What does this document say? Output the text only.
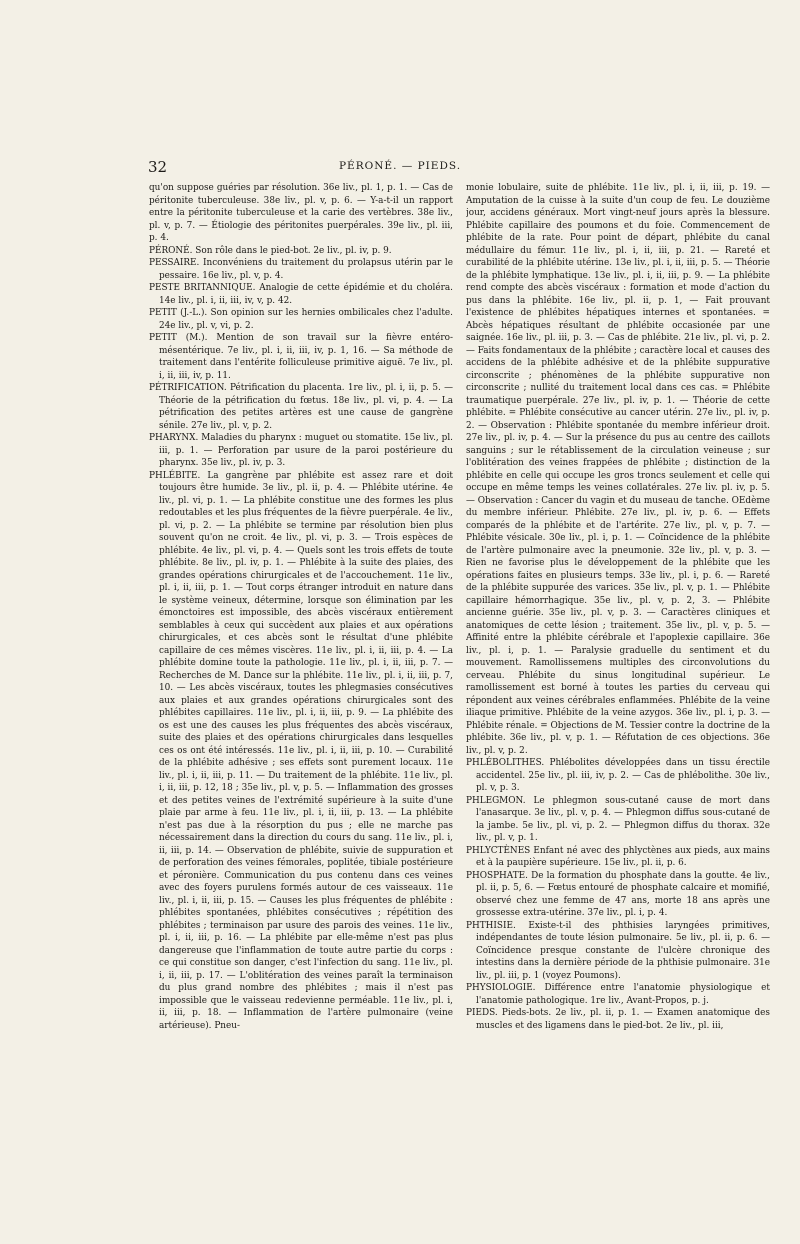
32	PÉRONÉ. — PIEDS.

qu'on suppose guéries par résolution. 36e liv., pl. 1, p. 1. — Cas de péritonite tuberculeuse. 38e liv., pl. v, p. 6. — Y-a-t-il un rapport entre la péritonite tuberculeuse et la carie des vertèbres. 38e liv., pl. v, p. 7. — Étiologie des péritonites puerpérales. 39e liv., pl. iii, p. 4.

PÉRONÉ. Son rôle dans le pied-bot. 2e liv., pl. iv, p. 9.

PESSAIRE. Inconvéniens du traitement du prolapsus utérin par le pessaire. 16e liv., pl. v, p. 4.

PESTE BRITANNIQUE. Analogie de cette épidémie et du choléra. 14e liv., pl. i, ii, iii, iv, v, p. 42.

PETIT (J.-L.). Son opinion sur les hernies ombilicales chez l'adulte. 24e liv., pl. v, vi, p. 2.

PETIT (M.). Mention de son travail sur la fièvre entéro-mésentérique. 7e liv., pl. i, ii, iii, iv, p. 1, 16. — Sa méthode de traitement dans l'entérite folliculeuse primitive aiguë. 7e liv., pl. i, ii, iii, iv, p. 11.

PÉTRIFICATION. Pétrification du placenta. 1re liv., pl. i, ii, p. 5. — Théorie de la pétrification du fœtus. 18e liv., pl. vi, p. 4. — La pétrification des petites artères est une cause de gangrène sénile. 27e liv., pl. v, p. 2.

PHARYNX. Maladies du pharynx : muguet ou stomatite. 15e liv., pl. iii, p. 1. — Perforation par usure de la paroi postérieure du pharynx. 35e liv., pl. iv, p. 3.

PHLÉBITE. La gangrène par phlébite est assez rare et doit toujours être humide. 3e liv., pl. ii, p. 4. — Phlébite utérine. 4e liv., pl. vi, p. 1. — La phlébite constitue une des formes les plus redoutables et les plus fréquentes de la fièvre puerpérale. 4e liv., pl. vi, p. 2. — La phlébite se termine par résolution bien plus souvent qu'on ne croit. 4e liv., pl. vi, p. 3. — Trois espèces de phlébite. 4e liv., pl. vi, p. 4. — Quels sont les trois effets de toute phlébite. 8e liv., pl. iv, p. 1. — Phlébite à la suite des plaies, des grandes opérations chirurgicales et de l'accouchement. 11e liv., pl. i, ii, iii, p. 1. — Tout corps étranger introduit en nature dans le système veineux, détermine, lorsque son élimination par les émonctoires est impossible, des abcès viscéraux entièrement semblables à ceux qui succèdent aux plaies et aux opérations chirurgicales, et ces abcès sont le résultat d'une phlébite capillaire de ces mêmes viscères. 11e liv., pl. i, ii, iii, p. 4. — La phlébite domine toute la pathologie. 11e liv., pl. i, ii, iii, p. 7. — Recherches de M. Dance sur la phlébite. 11e liv., pl. i, ii, iii, p. 7, 10. — Les abcès viscéraux, toutes les phlegmasies consécutives aux plaies et aux grandes opérations chirurgicales sont des phlébites capillaires. 11e liv., pl. i, ii, iii, p. 9. — La phlébite des os est une des causes les plus fréquentes des abcès viscéraux, suite des plaies et des opérations chirurgicales dans lesquelles ces os ont été intéressés. 11e liv., pl. i, ii, iii, p. 10. — Curabilité de la phlébite adhésive ; ses effets sont purement locaux. 11e liv., pl. i, ii, iii, p. 11. — Du traitement de la phlébite. 11e liv., pl. i, ii, iii, p. 12, 18 ; 35e liv., pl. v, p. 5. — Inflammation des grosses et des petites veines de l'extrémité supérieure à la suite d'une plaie par arme à feu. 11e liv., pl. i, ii, iii, p. 13. — La phlébite n'est pas due à la résorption du pus ; elle ne marche pas nécessairement dans la direction du cours du sang. 11e liv., pl. i, ii, iii, p. 14. — Observation de phlébite, suivie de suppuration et de perforation des veines fémorales, poplitée, tibiale postérieure et péronière. Communication du pus contenu dans ces veines avec des foyers purulens formés autour de ces vaisseaux. 11e liv., pl. i, ii, iii, p. 15. — Causes les plus fréquentes de phlébite : phlébites spontanées, phlébites consécutives ; répétition des phlébites ; terminaison par usure des parois des veines. 11e liv., pl. i, ii, iii, p. 16. — La phlébite par elle-même n'est pas plus dangereuse que l'inflammation de toute autre partie du corps : ce qui constitue son danger, c'est l'infection du sang. 11e liv., pl. i, ii, iii, p. 17. — L'oblitération des veines paraît la terminaison du plus grand nombre des phlébites ; mais il n'est pas impossible que le vaisseau redevienne perméable. 11e liv., pl. i, ii, iii, p. 18. — Inflammation de l'artère pulmonaire (veine artérieuse). Pneu-

monie lobulaire, suite de phlébite. 11e liv., pl. i, ii, iii, p. 19. — Amputation de la cuisse à la suite d'un coup de feu. Le douzième jour, accidens généraux. Mort vingt-neuf jours après la blessure. Phlébite capillaire des poumons et du foie. Commencement de phlébite de la rate. Pour point de départ, phlébite du canal médullaire du fémur. 11e liv., pl. i, ii, iii, p. 21. — Rareté et curabilité de la phlébite utérine. 13e liv., pl. i, ii, iii, p. 5. — Théorie de la phlébite lymphatique. 13e liv., pl. i, ii, iii, p. 9. — La phlébite rend compte des abcès viscéraux : formation et mode d'action du pus dans la phlébite. 16e liv., pl. ii, p. 1, — Fait prouvant l'existence de phlébites hépatiques internes et spontanées. = Abcès hépatiques résultant de phlébite occasionée par une saignée. 16e liv., pl. iii, p. 3. — Cas de phlébite. 21e liv., pl. vi, p. 2. — Faits fondamentaux de la phlébite ; caractère local et causes des accidens de la phlébite adhésive et de la phlébite suppurative circonscrite ; phénomènes de la phlébite suppurative non circonscrite ; nullité du traitement local dans ces cas. = Phlébite traumatique puerpérale. 27e liv., pl. iv, p. 1. — Théorie de cette phlébite. = Phlébite consécutive au cancer utérin. 27e liv., pl. iv, p. 2. — Observation : Phlébite spontanée du membre inférieur droit. 27e liv., pl. iv, p. 4. — Sur la présence du pus au centre des caillots sanguins ; sur le rétablissement de la circulation veineuse ; sur l'oblitération des veines frappées de phlébite ; distinction de la phlébite en celle qui occupe les gros troncs seulement et celle qui occupe en même temps les veines collatérales. 27e liv. pl. iv, p. 5. — Observation : Cancer du vagin et du museau de tanche. OEdème du membre inférieur. Phlébite. 27e liv., pl. iv, p. 6. — Effets comparés de la phlébite et de l'artérite. 27e liv., pl. v, p. 7. — Phlébite vésicale. 30e liv., pl. i, p. 1. — Coïncidence de la phlébite de l'artère pulmonaire avec la pneumonie. 32e liv., pl. v, p. 3. — Rien ne favorise plus le développement de la phlébite que les opérations faites en plusieurs temps. 33e liv., pl. i, p. 6. — Rareté de la phlébite suppurée des varices. 35e liv., pl. v, p. 1. — Phlébite capillaire hémorrhagique. 35e liv., pl. v, p. 2, 3. — Phlébite ancienne guérie. 35e liv., pl. v, p. 3. — Caractères cliniques et anatomiques de cette lésion ; traitement. 35e liv., pl. v, p. 5. — Affinité entre la phlébite cérébrale et l'apoplexie capillaire. 36e liv., pl. i, p. 1. — Paralysie graduelle du sentiment et du mouvement. Ramollissemens multiples des circonvolutions du cerveau. Phlébite du sinus longitudinal supérieur. Le ramollissement est borné à toutes les parties du cerveau qui répondent aux veines cérébrales enflammées. Phlébite de la veine iliaque primitive. Phlébite de la veine azygos. 36e liv., pl. i, p. 3. — Phlébite rénale. = Objections de M. Tessier contre la doctrine de la phlébite. 36e liv., pl. v, p. 1. — Réfutation de ces objections. 36e liv., pl. v, p. 2.

PHLÉBOLITHES. Phlébolites développées dans un tissu érectile accidentel. 25e liv., pl. iii, iv, p. 2. — Cas de phlébolithe. 30e liv., pl. v, p. 3.

PHLEGMON. Le phlegmon sous-cutané cause de mort dans l'anasarque. 3e liv., pl. v, p. 4. — Phlegmon diffus sous-cutané de la jambe. 5e liv., pl. vi, p. 2. — Phlegmon diffus du thorax. 32e liv., pl. v, p. 1.

PHLYCTÈNES Enfant né avec des phlyctènes aux pieds, aux mains et à la paupière supérieure. 15e liv., pl. ii, p. 6.

PHOSPHATE. De la formation du phosphate dans la goutte. 4e liv., pl. ii, p. 5, 6. — Fœtus entouré de phosphate calcaire et momifié, observé chez une femme de 47 ans, morte 18 ans après une grossesse extra-utérine. 37e liv., pl. i, p. 4.

PHTHISIE. Existe-t-il des phthisies laryngées primitives, indépendantes de toute lésion pulmonaire. 5e liv., pl. ii, p. 6. — Coïncidence presque constante de l'ulcère chronique des intestins dans la dernière période de la phthisie pulmonaire. 31e liv., pl. iii, p. 1 (voyez Poumons).

PHYSIOLOGIE. Différence entre l'anatomie physiologique et l'anatomie pathologique. 1re liv., Avant-Propos, p. j.

PIEDS. Pieds-bots. 2e liv., pl. ii, p. 1. — Examen anatomique des muscles et des ligamens dans le pied-bot. 2e liv., pl. iii,
